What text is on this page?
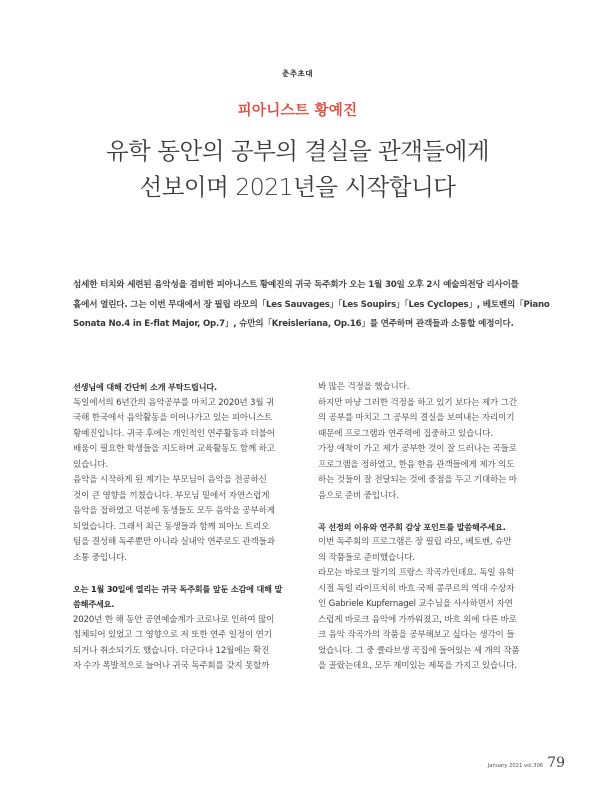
춘추초대
피아니스트 황예진
유학 동안의 공부의 결실을 관객들에게
선보이며 2021년을 시작합니다
섬세한 터치와 세련된 음악성을 겸비한 피아니스트 황예진의 귀국 독주회가 오는 1월 30일 오후 2시 예술의전당 리사이틀
홀에서 열린다. 그는 이번 무대에서 장 필립 라모의「Les Sauvages」「Les Soupirs」「Les Cyclopes」, 베토벤의「Piano
Sonata No.4 in E-flat Major, Op.7」, 슈만의「Kreisleriana, Op.16」를 연주하며 관객들과 소통할 예정이다.
선생님에 대해 간단히 소개 부탁드립니다.
독일에서의 6년간의 음악공부를 마치고 2020년 3월 귀
국해 한국에서 음악활동을 이어나가고 있는 피아니스트
황예진입니다. 귀국 후에는 개인적인 연주활동과 더불어
배움이 필요한 학생들을 지도하며 교육활동도 함께 하고
있습니다.
음악을 시작하게 된 계기는 부모님이 음악을 전공하신
것이 큰 영향을 끼쳤습니다. 부모님 밑에서 자연스럽게
음악을 접하였고 덕분에 동생들도 모두 음악을 공부하게
되었습니다. 그래서 최근 동생들과 함께 피아노 트리오
팀을 결성해 독주뿐만 아니라 실내악 연주로도 관객들과
소통 중입니다.
오는 1월 30일에 열리는 귀국 독주회를 앞둔 소감에 대해 말
씀해주세요.
2020년 한 해 동안 공연예술계가 코로나로 인하여 많이
침체되어 있었고 그 영향으로 저 또한 연주 일정이 연기
되거나 취소되기도 했습니다. 더군다나 12월에는 확진
자 수가 폭발적으로 늘어나 귀국 독주회를 갖지 못할까
봐 많은 걱정을 했습니다.
하지만 마냥 그러한 걱정을 하고 있기 보다는 제가 그간
의 공부를 마치고 그 공부의 결실을 보여내는 자리이기
때문에 프로그램과 연주력에 집중하고 있습니다.
가장 애착이 가고 제가 공부한 것이 잘 드러나는 곡들로
프로그램을 정하였고, 한음 한음 관객들에게 제가 의도
하는 것들이 잘 전달되는 것에 중점을 두고 기대하는 마
음으로 준비 중입니다.
곡 선정의 이유와 연주회 감상 포인트를 말씀해주세요.
이번 독주회의 프로그램은 장 필립 라모, 베토벤, 슈만
의 작품들로 준비했습니다.
라모는 바로크 말기의 프랑스 작곡가인데요. 독일 유학
시절 독일 라이프치히 바흐 국제 콩쿠르의 역대 수상자
인 Gabriele Kupfernagel 교수님을 사사하면서 자연
스럽게 바로크 음악에 가까워졌고, 바흐 외에 다른 바로
크 음악 작곡가의 작품을 공부해보고 싶다는 생각이 들
었습니다. 그 중 클라브생 곡집에 들어있는 세 개의 작품
을 골랐는데요, 모두 재미있는 제목을 가지고 있습니다.
January 2021 vol.306 79
